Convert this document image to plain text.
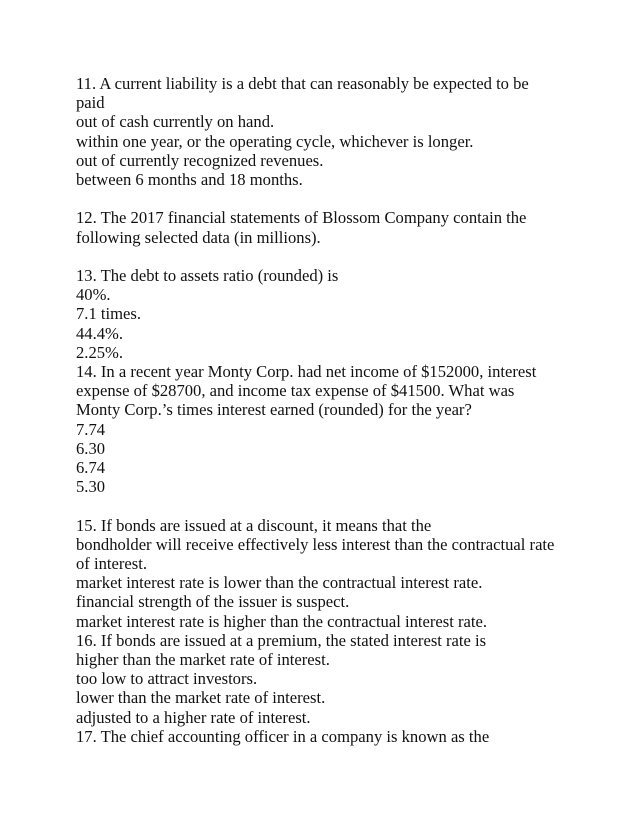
11. A current liability is a debt that can reasonably be expected to be
paid
out of cash currently on hand.
within one year, or the operating cycle, whichever is longer.
out of currently recognized revenues.
between 6 months and 18 months.
12. The 2017 financial statements of Blossom Company contain the
following selected data (in millions).
13. The debt to assets ratio (rounded) is
40%.
7.1 times.
44.4%.
2.25%.
14. In a recent year Monty Corp. had net income of $152000, interest
expense of $28700, and income tax expense of $41500. What was
Monty Corp.’s times interest earned (rounded) for the year?
7.74
6.30
6.74
5.30
15. If bonds are issued at a discount, it means that the
bondholder will receive effectively less interest than the contractual rate
of interest.
market interest rate is lower than the contractual interest rate.
financial strength of the issuer is suspect.
market interest rate is higher than the contractual interest rate.
16. If bonds are issued at a premium, the stated interest rate is
higher than the market rate of interest.
too low to attract investors.
lower than the market rate of interest.
adjusted to a higher rate of interest.
17. The chief accounting officer in a company is known as the
